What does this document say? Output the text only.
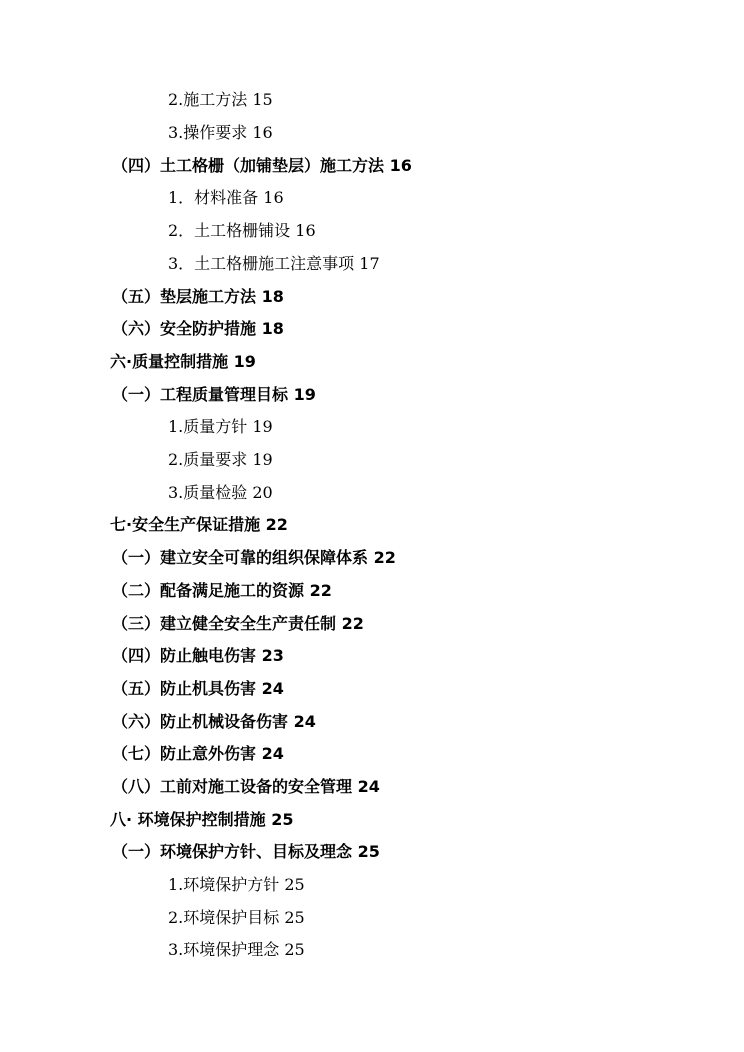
2.施工方法 15
3.操作要求 16
（四）土工格栅（加铺垫层）施工方法 16
1．材料准备 16
2．土工格栅铺设 16
3．土工格栅施工注意事项 17
（五）垫层施工方法 18
（六）安全防护措施 18
六·质量控制措施 19
（一）工程质量管理目标 19
1.质量方针 19
2.质量要求 19
3.质量检验 20
七·安全生产保证措施 22
（一）建立安全可靠的组织保障体系 22
（二）配备满足施工的资源 22
（三）建立健全安全生产责任制 22
（四）防止触电伤害 23
（五）防止机具伤害 24
（六）防止机械设备伤害 24
（七）防止意外伤害 24
（八）工前对施工设备的安全管理 24
八· 环境保护控制措施 25
（一）环境保护方针、目标及理念 25
1.环境保护方针 25
2.环境保护目标 25
3.环境保护理念 25
